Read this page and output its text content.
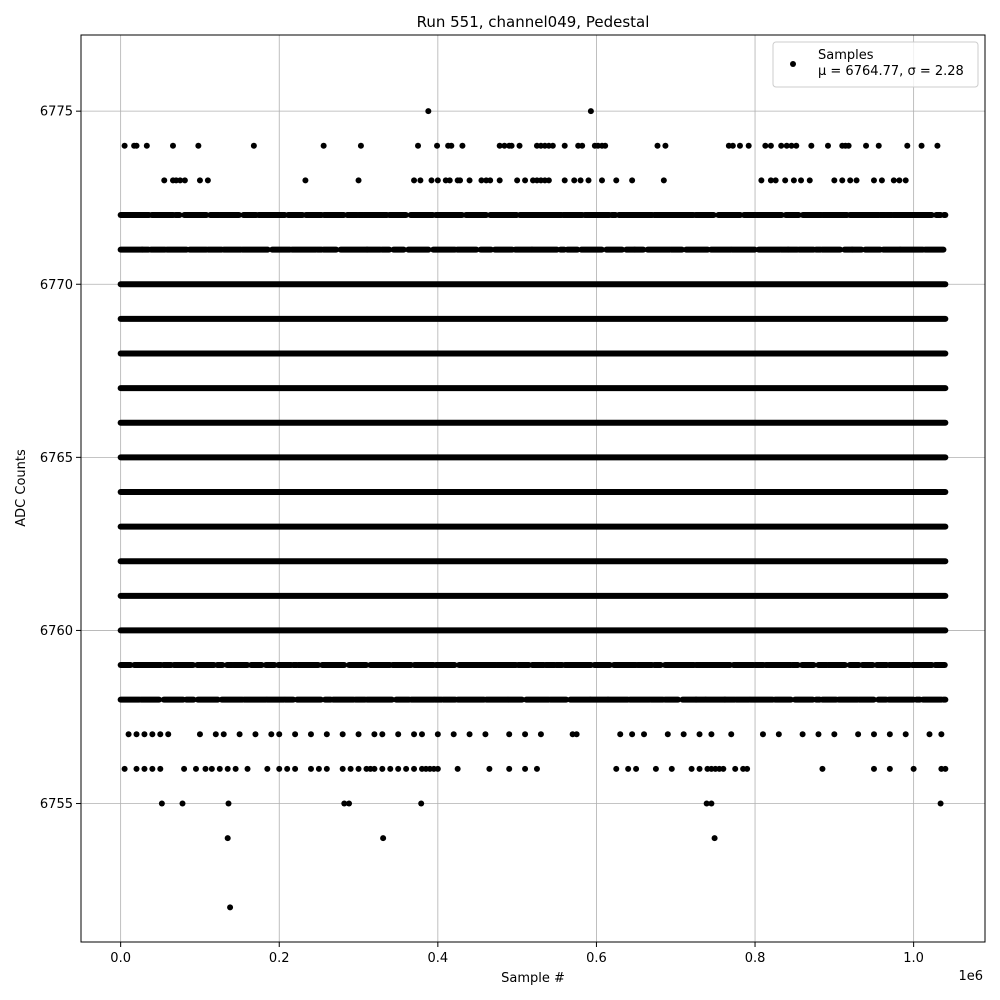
0.0	0.2	0.4	0.6	0.8	1.0
6755
6760
6765
6770
6775
Run 551, channel049, Pedestal
Sample #
ADC Counts
1e6
Samples
μ = 6764.77, σ = 2.28
